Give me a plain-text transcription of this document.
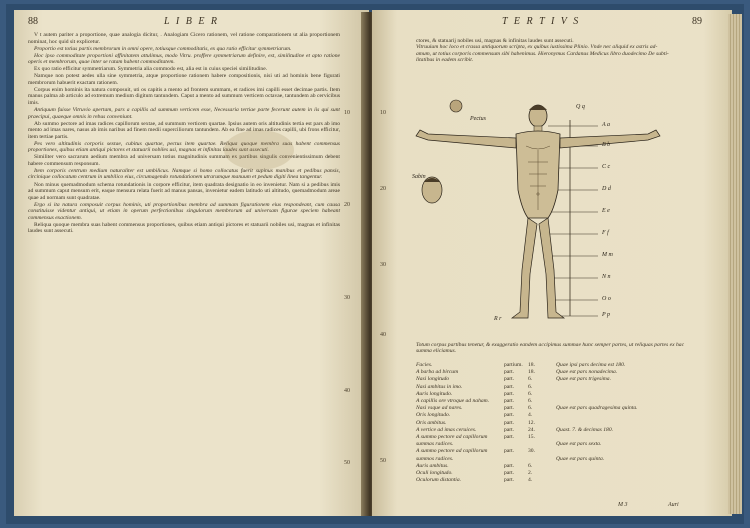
88	L I B E R

V t autem pariter a proportione, quae analogia dicitur, . Analogiam Cicero rationem, vel ratione comparationem ut alia proportionem nominat, hoc quid sit explicetur.

Proportio est totius partis membrorum in omni opere, totiusque commoditatis, ex qua ratio efficitur symmetriarum.

Hoc ipso commoditate proportioni affinitatem attulimus, modo Vitru. proffere symmetriarum definire, est, similitudine et apto ratione operis et membrorum, quae inter se ratam habent commoditatem.

Ex quo ratio efficitur symmetriarum. Symmetria alia commodo est, alia est in cuius speciei similitudine.

Namque non potest aedes ulla sine symmetria, atque proportione rationem habere compositionis, nisi uti ad hominis bene figurati membrorum habuerit exactam rationem.

Corpus enim hominis ita natura composuit, uti os capitis a mento ad frontem summam, et radices imi capilli esset decimae partis. Item manus palma ab articulo ad extremum medium digitum tantundem. Caput a mento ad summum verticem octavae, tantundem ab cervicibus imis.

Antiquum fuisse Vitruvio apertam, pars a capillis ad summum verticem esse, Necessaria tertiae parte fecerunt autem in iis qui sunt praecipui, quaeque omnis in rebus conveniunt.

Ab summo pectore ad imas radices capillorum sextae, ad summum verticem quartae. Ipsius autem oris altitudinis tertia est pars ab imo mento ad imas nares, nasus ab imis naribus ad finem medii superciliorum tantundem. Ab ea fine ad imas radices capilli, ubi frons efficitur, item tertiae partis.

Pes vero altitudinis corporis sextae, cubitus quartae, pectus item quartae. Reliqua quoque membra suas habent commensus proportiones, quibus etiam antiqui pictores et statuarii nobiles usi, magnas et infinitas laudes sunt assecuti.

Similiter vero sacrarum aedium membra ad universam totius magnitudinis summam ex partibus singulis convenientissimum debent habere commensum responsum.

Item corporis centrum medium naturaliter est umbilicus. Namque si homo collocatus fuerit supinus manibus et pedibus pansis, circinique collocatum centrum in umbilico eius, circumagendo rotundationem utrarumque manuum et pedum digiti linea tangentur.

Non minus quemadmodum schema rotundationis in corpore efficitur, item quadrata designatio in eo invenietur. Nam si a pedibus imis ad summum caput mensum erit, eaque mensura relata fuerit ad manus pansas, invenietur eadem latitudo uti altitudo, quemadmodum areae quae ad normam sunt quadratae.

Ergo si ita natura composuit corpus hominis, uti proportionibus membra ad summam figurationem eius respondeant, cum causa constituisse videntur antiqui, ut etiam in operum perfectionibus singulorum membrorum ad universam figurae speciem habeant commensus exactionem.

Reliqua quoque membra suas habent commensus proportiones, quibus etiam antiqui pictores et statuarii nobiles usi, magnas et infinitas laudes sunt assecuti.

10
20
30
40
50
T E R T I V S	89

ctores, & statuarij nobiles usi, magnas & infinitas laudes sunt assecuti.

Vitruuium hoc loco et crassa antiquorum scripta, ex quibus iustissima Plinio. Vnde nec aliquid ex astris ad-

amum, ut totius corporis commensum sibi habenimus. Hieronymus Cardanus Medicus libro duodecimo De subti-

litatibus in eadem scribit.

Pectus
Sabin
A a
B b
C c
D d
E e
F f
M m
N n
O o
P p
Q q
R r

Totum corpus partibus tenetur, & exaggeratio eandem accipimus summae hunc semper partes, ut reliquas partes ex hac summa eliciamus.

Facies.	partium.	18.	Quae ipsi pars decima est 180.
A barba ad bircum	part.	18.	Quae est pars nonadecima.
Nasi longitudo	part.	6.	Quae est pars trigesima.
Nasi ambitus in imo.	part.	6.	
Auris longitudo.	part.	6.	
A capillis ore vtroque ad naham.	part.	6.	
Nasi vsque ad nares.	part.	6.	Quae est pars quadragesima quinta.
Oris longitudo.	part.	4.	
Oris ambitus.	part.	12.	
A vertice ad imas ceruices.	part.	24.	Quast. 7. & decimas 180.
A summo pectore ad capillorum	part.	15.	
summas radices.			Quae est pars sexta.
A summo pectore ad capillorum	part.	30.	
summos radices.			Quae est pars quinta.
Auris ambitus.	part.	6.	
Oculi longitudo.	part.	2.	
Oculorum distantia.	part.	4.	
10
20
30
40
50
M 3	Auri
